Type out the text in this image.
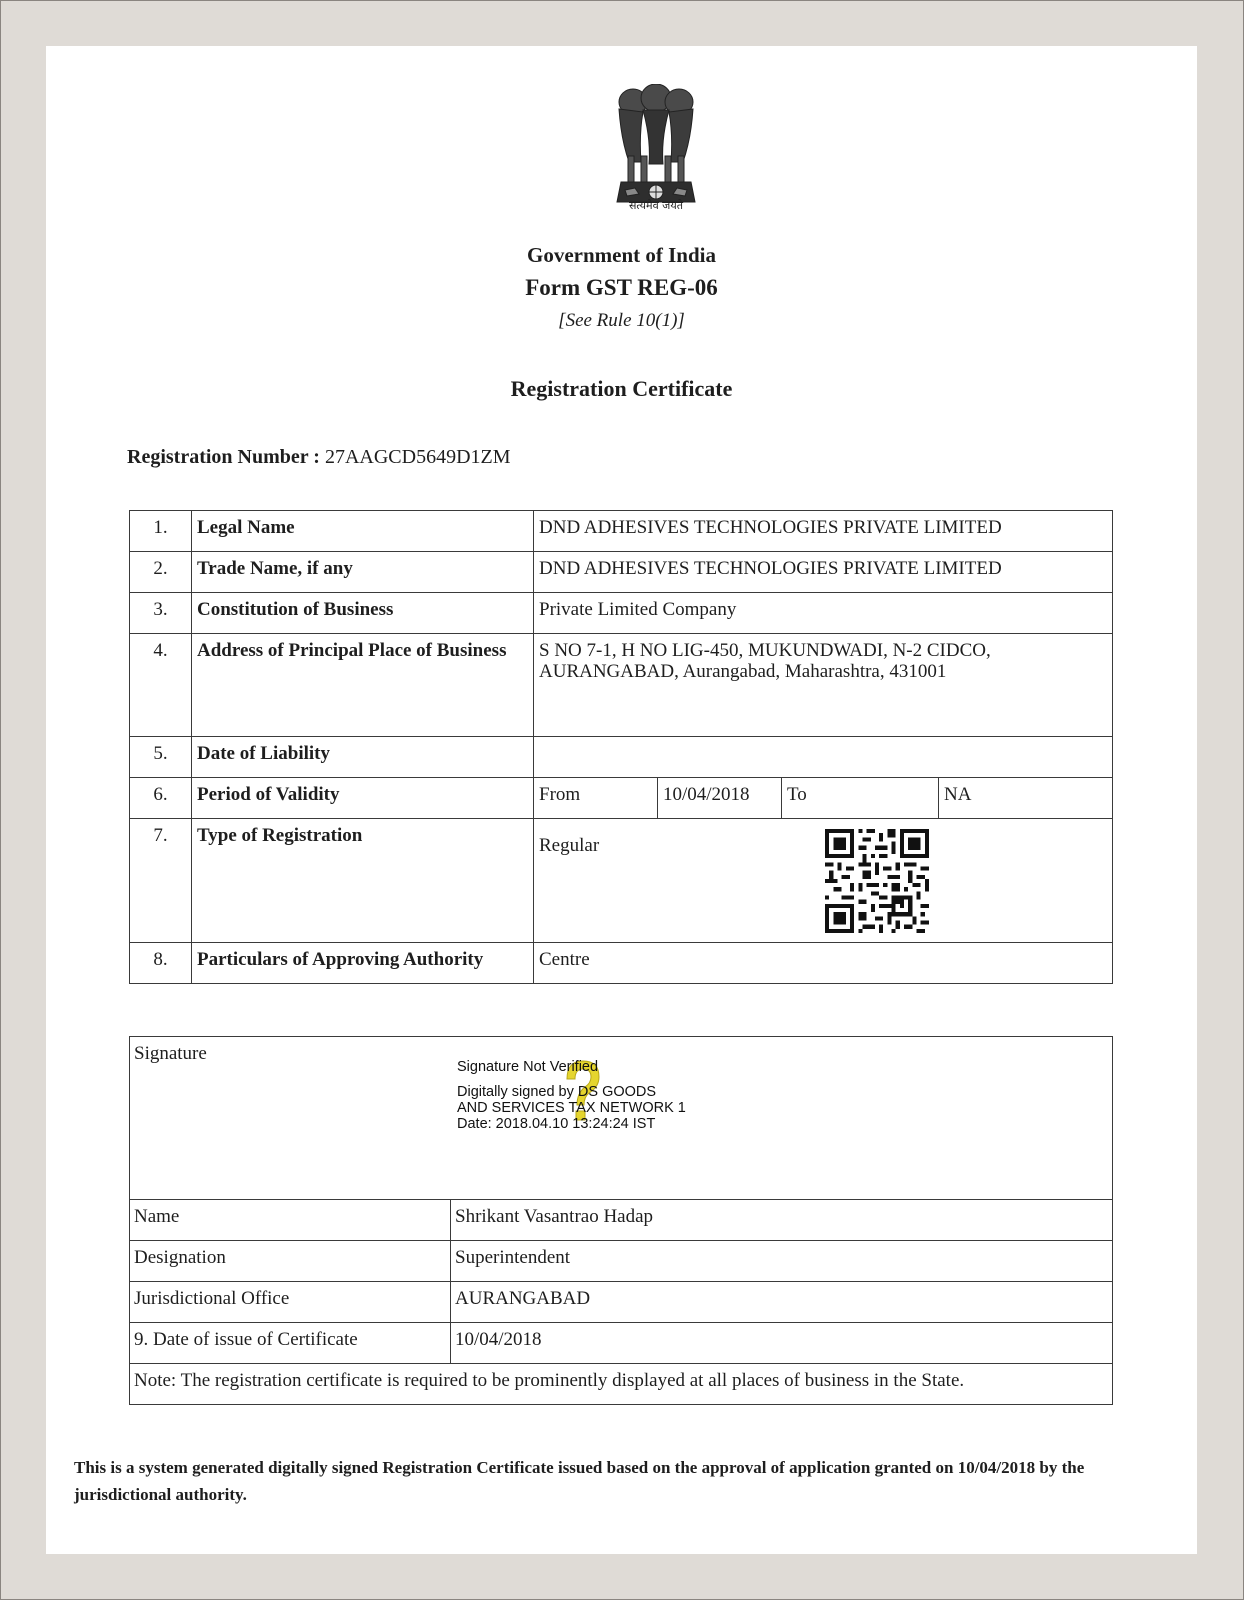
सत्यमेव जयते
Government of India
Form GST REG-06
[See Rule 10(1)]
Registration Certificate
Registration Number : 27AAGCD5649D1ZM
1.	Legal Name	DND ADHESIVES TECHNOLOGIES PRIVATE LIMITED			
2.	Trade Name, if any	DND ADHESIVES TECHNOLOGIES PRIVATE LIMITED			
3.	Constitution of Business	Private Limited Company			
4.	Address of Principal Place of Business	S NO 7-1, H NO LIG-450, MUKUNDWADI, N-2 CIDCO, AURANGABAD, Aurangabad, Maharashtra, 431001			
5.	Date of Liability				
6.	Period of Validity	From	10/04/2018	To	NA
7.	Type of Registration	Regular			

8.	Particulars of Approving Authority	Centre			
Signature
Signature Not Verified
Digitally signed by DS GOODS
AND SERVICES TAX NETWORK 1
Date: 2018.04.10 13:24:24 IST	

Name	Shrikant Vasantrao Hadap
Designation	Superintendent
Jurisdictional Office	AURANGABAD
9. Date of issue of Certificate	10/04/2018
Note: The registration certificate is required to be prominently displayed at all places of business in the State.	
This is a system generated digitally signed Registration Certificate issued based on the approval of application granted on 10/04/2018 by the jurisdictional authority.
